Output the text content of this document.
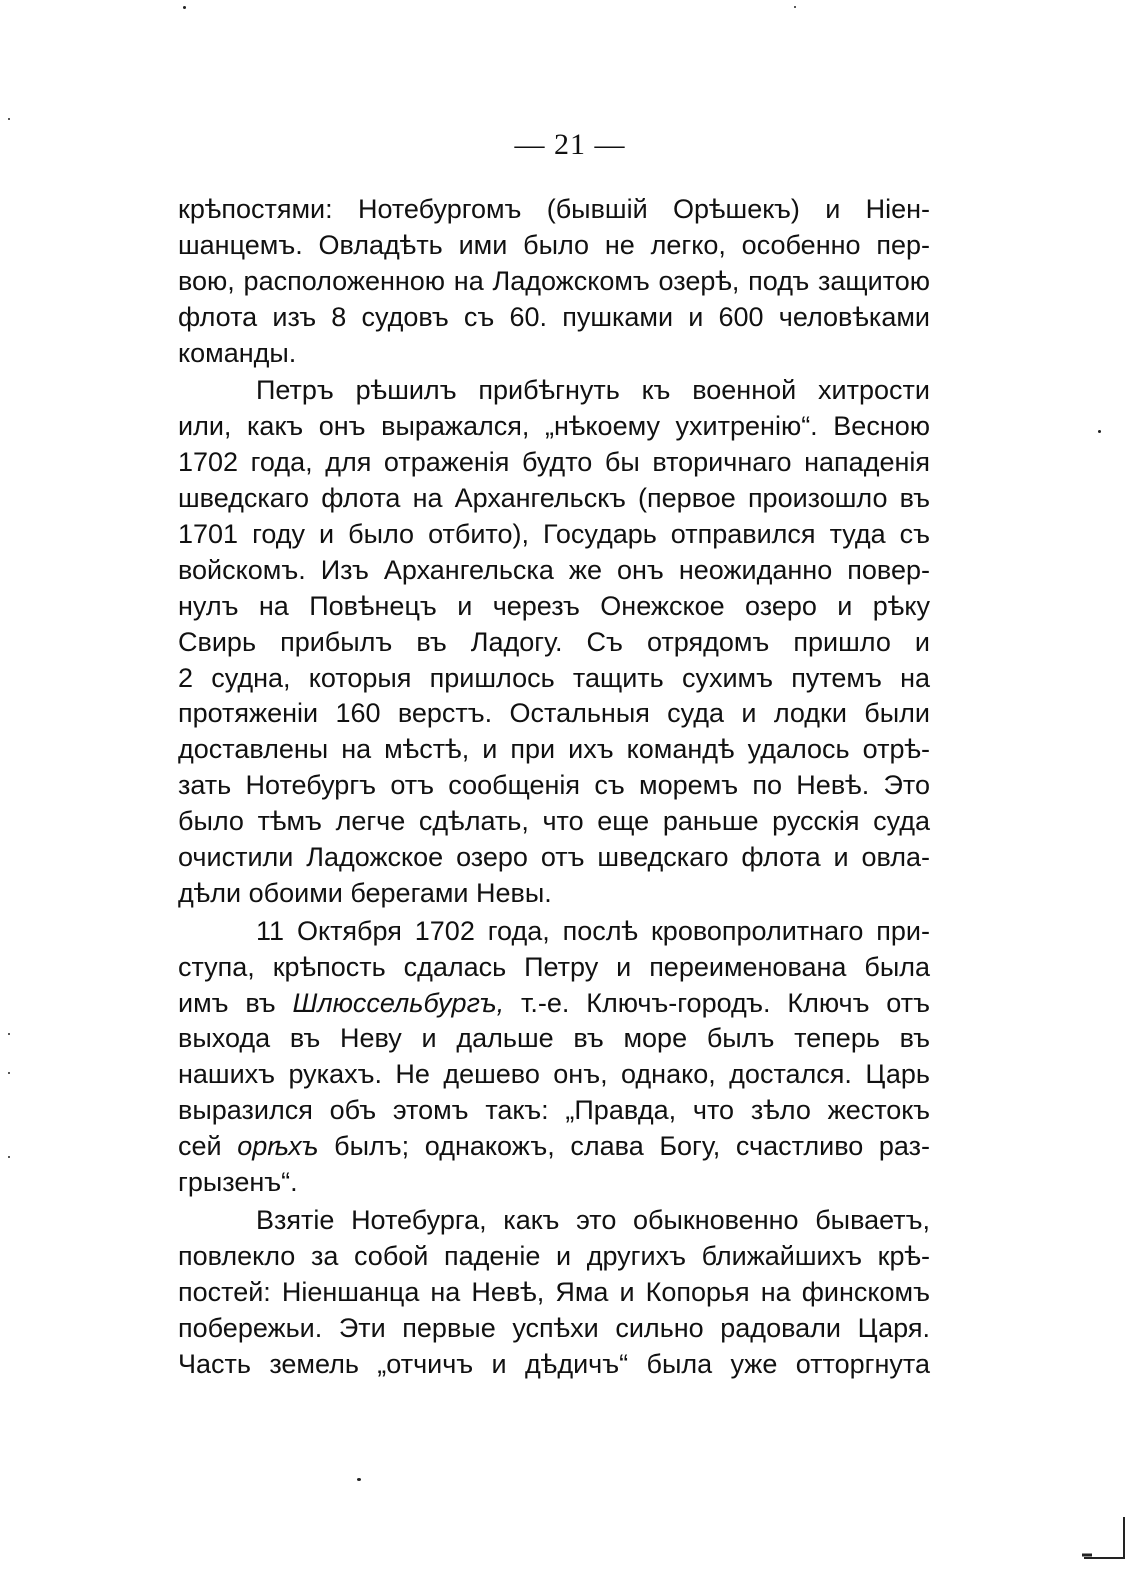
— 21 —
крѣпостями: Нотебургомъ (бывшій Орѣшекъ) и Ніен-
шанцемъ. Овладѣть ими было не легко, особенно пер-
вою, расположенною на Ладожскомъ озерѣ, подъ защитою
флота изъ 8 судовъ съ 60. пушками и 600 человѣками
команды.
Петръ рѣшилъ прибѣгнуть къ военной хитрости
или, какъ онъ выражался, „нѣкоему ухитренію“. Весною
1702 года, для отраженія будто бы вторичнаго нападенія
шведскаго флота на Архангельскъ (первое произошло въ
1701 году и было отбито), Государь отправился туда съ
войскомъ. Изъ Архангельска же онъ неожиданно повер-
нулъ на Повѣнецъ и черезъ Онежское озеро и рѣку
Свирь прибылъ въ Ладогу. Съ отрядомъ пришло и
2 судна, которыя пришлось тащить сухимъ путемъ на
протяженіи 160 верстъ. Остальныя суда и лодки были
доставлены на мѣстѣ, и при ихъ командѣ удалось отрѣ-
зать Нотебургъ отъ сообщенія съ моремъ по Невѣ. Это
было тѣмъ легче сдѣлать, что еще раньше русскія суда
очистили Ладожское озеро отъ шведскаго флота и овла-
дѣли обоими берегами Невы.
11 Октября 1702 года, послѣ кровопролитнаго при-
ступа, крѣпость сдалась Петру и переименована была
имъ въ Шлюссельбургъ, т.-е. Ключъ-городъ. Ключъ отъ
выхода въ Неву и дальше въ море былъ теперь въ
нашихъ рукахъ. Не дешево онъ, однако, достался. Царь
выразился объ этомъ такъ: „Правда, что зѣло жестокъ
сей орѣхъ былъ; однакожъ, слава Богу, счастливо раз-
грызенъ“.
Взятіе Нотебурга, какъ это обыкновенно бываетъ,
повлекло за собой паденіе и другихъ ближайшихъ крѣ-
постей: Ніеншанца на Невѣ, Яма и Копорья на финскомъ
побережьи. Эти первые успѣхи сильно радовали Царя.
Часть земель „отчичъ и дѣдичъ“ была уже отторгнута
